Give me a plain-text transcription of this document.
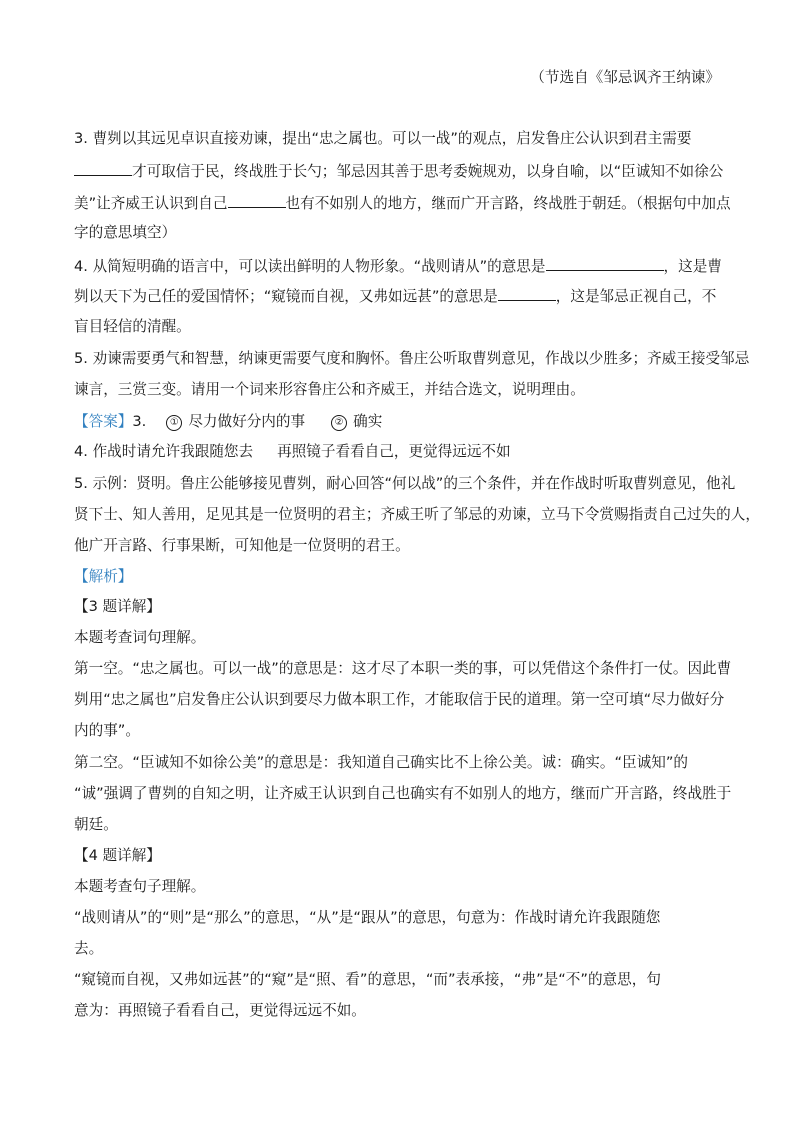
（节选自《邹忌讽齐王纳谏》
3. 曹刿以其远见卓识直接劝谏，提出“忠之属也。可以一战”的观点，启发鲁庄公认识到君主需要
才可取信于民，终战胜于长勺；邹忌因其善于思考委婉规劝，以身自喻，以“臣诚知不如徐公
美”让齐威王认识到自己	也有不如别人的地方，继而广开言路，终战胜于朝廷。（根据句中加点
字的意思填空）
4. 从简短明确的语言中，可以读出鲜明的人物形象。“战则请从”的意思是	，这是曹
刿以天下为己任的爱国情怀；“窥镜而自视，又弗如远甚”的意思是	，这是邹忌正视自己，不
盲目轻信的清醒。
5. 劝谏需要勇气和智慧，纳谏更需要气度和胸怀。鲁庄公听取曹刿意见，作战以少胜多；齐威王接受邹忌
谏言，三赏三变。请用一个词来形容鲁庄公和齐威王，并结合选文，说明理由。
【答案】3. ① 尽力做好分内的事	② 确实
4. 作战时请允许我跟随您去 再照镜子看看自己，更觉得远远不如
5. 示例：贤明。鲁庄公能够接见曹刿，耐心回答“何以战”的三个条件，并在作战时听取曹刿意见，他礼
贤下士、知人善用，足见其是一位贤明的君主；齐威王听了邹忌的劝谏，立马下令赏赐指责自己过失的人，
他广开言路、行事果断，可知他是一位贤明的君王。
【解析】
【3 题详解】
本题考查词句理解。
第一空。“忠之属也。可以一战”的意思是：这才尽了本职一类的事，可以凭借这个条件打一仗。因此曹
刿用“忠之属也”启发鲁庄公认识到要尽力做本职工作，才能取信于民的道理。第一空可填“尽力做好分
内的事”。
第二空。“臣诚知不如徐公美”的意思是：我知道自己确实比不上徐公美。诚：确实。“臣诚知”的
“诚”强调了曹刿的自知之明，让齐威王认识到自己也确实有不如别人的地方，继而广开言路，终战胜于
朝廷。
【4 题详解】
本题考查句子理解。
“战则请从”的“则”是“那么”的意思，“从”是“跟从”的意思，句意为：作战时请允许我跟随您
去。
“窥镜而自视，又弗如远甚”的“窥”是“照、看”的意思，“而”表承接，“弗”是“不”的意思，句
意为：再照镜子看看自己，更觉得远远不如。
